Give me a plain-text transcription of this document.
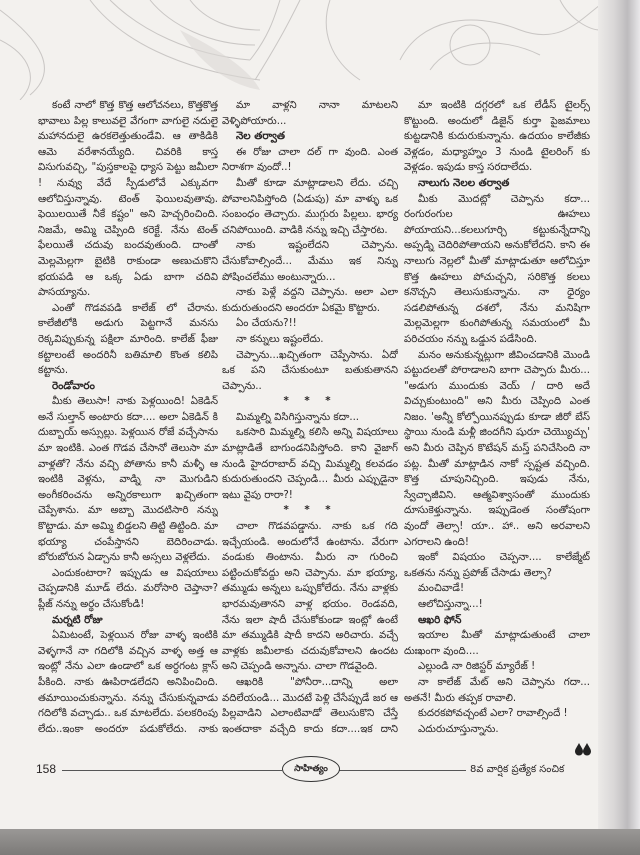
కంటే నాలో కొత్త కొత్త ఆలోచనలు, కొత్తకొత్త భావాలు పిల్ల కాలువలై వేగంగా వాగులై నదులై మహానదులై ఉరకలెత్తుతుండేవి. ఆ తాకిడికి ఆమె వరేశానయ్యేది. చివరికి కాస్త విసుగువచ్చి, "పుస్తకాలపై ధ్యాస పెట్టు జమీలా ! నువ్వు వేదే స్పీడులోవే ఎక్కువగా ఆలోచిస్తున్నావు. టెంత్ ఫెయిలవుతావు. ఫెయిలయితే నీకే కష్టం" అని హెచ్చరించింది. నిజమే, అమ్మి చెప్పింది కరెక్టే. నేను టెంత్ ఫేలయితే చదువు బందవుతుంది. దాంతో మెల్లమెల్లగా బైటికి రాకుండా అణుచుకొని భయపడి ఆ ఒక్క ఏడు బాగా చదివి పాసయ్యాను.

ఎంతో గొడవపడి కాలేజ్ లో చేరాను. కాలేజీలోకి అడుగు పెట్టగానే మనసు రెక్కవిప్పుకున్న పక్షిలా మారింది. కాలేజ్ ఫీజు కట్టాలంటే అందరినీ బతిమాలి కొంత కలిపి కట్టాను.

రెండోవారం

మీకు తెలుసా! నాకు పెళ్లయింది! ఏకెడిన్ అనే సుల్తాన్ అంటారు కదా.... అలా ఏకెడిన్ కి దుబ్బాయ్ అస్సుల్లు. పెళ్లయిన రోజే వచ్చేసాను మా ఇంటికి. ఎంత గొడవ చేసానో తెలుసా మా వాళ్లతో? నేను వచ్చి పోతాను కానీ మళ్ళీ ఆ ఇంటికి వెళ్లను, వాడ్ని నా మొగుడిని అంగీకరించను అన్నిరకాలుగా ఖచ్చితంగా చెప్పేశాను. మా అబ్బా మొదటిసారి నన్ను కొట్టాడు. మా అమ్మి బిడ్డలని తిట్టి తిట్టింది. మా భయ్యా చంపేస్తానని బెదిరించాడు. బోరుబోరున ఏడ్చాను కానీ అస్సలు వెళ్లలేదు.

ఎందుకంటారా? ఇప్పుడు ఆ విషయాలు చెప్పడానికి మూడ్ లేదు. మరోసారి చెప్తానా? ప్లీజ్ నన్ను అర్థం చేసుకోండి!

మర్నటి రోజు

ఏమిటంటే, పెళ్లయిన రోజు వాళ్ళ ఇంటికి వెళ్ళగానే నా గదిలోకి వచ్చిన వాళ్ళ అత్త ఆ ఇంట్లో నేను ఎలా ఉండాలో ఒక అర్ధగంట క్లాస్ పీకింది. నాకు ఊపిరాడలేదని అనిపించింది. తమాయించుకున్నాను. నన్ను చేసుకున్నవాడు గదిలోకి వచ్చాడు.. ఒక మాటలేదు. పలకరింపు లేదు..ఇంకా అందరూ పడుకోలేదు. నాకు

మా వాళ్లని నానా మాటలని వెళ్ళిపోయారు...

నెల తర్వాత

ఈ రోజు చాలా దల్ గా వుంది. ఎంత నిరాశగా వుందో..!

మీతో కూడా మాట్లాడాలని లేదు. చచ్చి పోవాలనిపిస్తోంది (ఏడుపు) మా వాళ్ళు ఒక సంబంధం తెచ్చారు. ముగ్గురు పిల్లలు. భార్య చనిపోయింది. వాడికి నన్ను ఇచ్చి చేస్తారట.

నాకు ఇష్టంలేదని చెప్పాను. చేసుకోవాల్సిందే... మేము ఇక నిన్ను పోషించలేము అంటున్నారు...

నాకు పెళ్లే వద్దని చెప్పాను. అలా ఎలా కుదురుతుందని అందరూ ఏకమై కొట్టారు.

ఏం చేయను?!!

నా కన్నులు ఇష్టంలేదు.

చెప్పాను...ఖచ్చితంగా చెప్పేసాను. ఏదో ఒక పని చేసుకుంటూ బతుకుతానని చెప్పాను..

* * *

మిమ్మల్ని విసిగిస్తున్నాను కదా...

ఒకసారి మిమ్మల్ని కలిసి అన్ని విషయాలు మాట్లాడితే బాగుండనిపిస్తోంది. కాని వైజాగ్ నుండి హైదరాబాద్ వచ్చి మిమ్మల్ని కలవడం కుదురుతుందని చెప్పండి... మీరు ఎప్పుడైనా ఇటు వైపు రారా?!

* * *

చాలా గొడవపడ్డాను. నాకు ఒక గది ఇచ్చేయండి. అందులోనే ఉంటాను. వేరుగా వండుకు తింటాను. మీరు నా గురించి పట్టించుకోవద్దు అని చెప్పాను. మా భయ్యా, తమ్ముడు అన్నలు ఒప్పుకోలేదు. నేను వాళ్లకు భారమవుతానని వాళ్ల భయం. రెండవది, నేను ఇలా షాదీ చేసుకోకుండా ఇంట్లో ఉంటే మా తమ్ముడికి షాదీ కాదని అరిచారు. వచ్చే వాళ్లకు జమీలాకు చదువుకోవాలని ఉందట అని చెప్పండి అన్నాను. చాలా గొడవైంది.

ఆఖరికి "పోనీరా...దాన్ని అలా వదిలేయండి... మొదటే పెళ్లి చేసేప్పుడే జర ఆ పిల్లవాడిని ఎలాంటివాడో తెలుసుకొని చేస్తే ఇంతదాకా వచ్చేది కాదు కదా....ఇక దాని

మా ఇంటికి దగ్గరలో ఒక లేడీస్ టైలర్స్ కొట్టుంది. అందులో డిజైన్ కుర్తా పైజమాలు కుట్టడానికి కుదురుకున్నాను. ఉదయం కాలేజీకు వెళ్లడం, మధ్యాహ్నం 3 నుండి టైలరింగ్ కు వెళ్లడం. ఇపుడు కాస్త సరదాలేదు.

నాలుగు నెలల తర్వాత

మీకు మొదట్లో చెప్పాను కదా... రంగురంగుల ఊహలు పోయాయని...కలలుగూర్చి కట్టుకున్నేదాన్ని అప్పడ్ని చెదిరిపోతాయని అనుకోలేదని. కాని ఈ నాలుగు నెల్లలో మీతో మాట్లాడుతూ ఆలోచిస్తూ కొత్త ఊహలు పోచుచ్చని, సరికొత్త కలలు కనొచ్చని తెలుసుకున్నాను. నా ధైర్యం సడలిపోతున్న దశలో, నేను మనిషిగా మెల్లమెల్లగా కుంగిపోతున్న సమయంలో మీ పరిచయం నన్ను ఒడ్డున పడేసింది.

మనం అనుకున్నట్లుగా జీవించడానికి మొండి పట్టుదలతో పోరాడాలని బాగా చెప్పారు మీరు... "అడుగు ముందుకు వెయ్ / దారి అదే విచ్చుకుంటుంది" అని మీరు చెప్పింది ఎంత నిజం. 'అన్నీ కోల్పోయినప్పుడు కూడా జీరో బేస్ స్థాయి నుండి మళ్లీ జిందగీని షురూ చెయ్యొచ్చు' అని మీరు చెప్పిన కొటేషన్ మస్త్ పనిచేసింది నా పట్ల. మీతో మాట్లాడిన నాకో స్పష్టత వచ్చింది. కొత్త చూపునిచ్చింది. ఇపుడు నేను, స్వేచ్ఛాజీవిని. ఆత్మవిశ్వాసంతో ముందుకు దూసుకెళ్తున్నాను. ఇప్పుడెంత సంతోషంగా వుందో తెల్సా! యా.. హా.. అని అరవాలని ఎగరాలని ఉంది!

ఇంకో విషయం చెప్పనా.... కాలేజ్మేట్ ఒకతను నన్ను ప్రపోజ్ చేసాడు తెల్సా?

మంచివాడే!

ఆలోచిస్తున్నా...!

ఆఖరి ఫోన్

ఇయాల మీతో మాట్లాడుతుంటే చాలా దుఃఖంగా వుంది....

ఎల్లుండి నా రిజిస్టర్ మ్యారేజ్ !

నా కాలేజ్ మేట్ అని చెప్పాను గదా... అతనే! మీరు తప్పక రావాలి.

కుదరకపోవచ్చంటే ఎలా? రావాల్సిందే !

ఎదురుచూస్తున్నాను.

158	సాహిత్యం	8వ వార్షిక ప్రత్యేక సంచిక
